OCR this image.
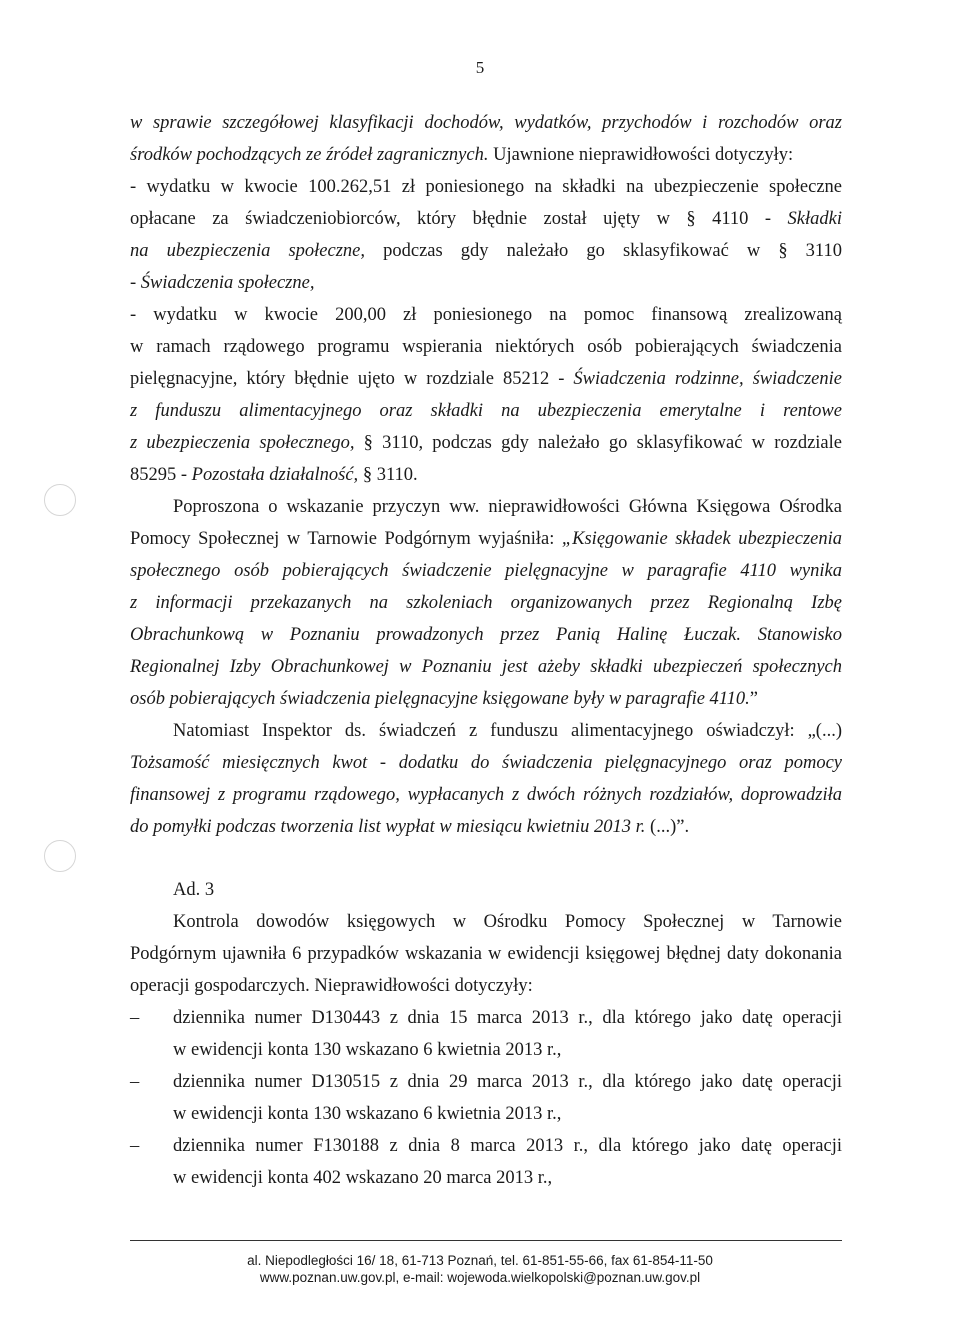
5
w sprawie szczegółowej klasyfikacji dochodów, wydatków, przychodów i rozchodów oraz
środków pochodzących ze źródeł zagranicznych. Ujawnione nieprawidłowości dotyczyły:
- wydatku w kwocie 100.262,51 zł poniesionego na składki na ubezpieczenie społeczne
opłacane za świadczeniobiorców, który błędnie został ujęty w § 4110 - Składki
na ubezpieczenia społeczne, podczas gdy należało go sklasyfikować w § 3110
- Świadczenia społeczne,
- wydatku w kwocie 200,00 zł poniesionego na pomoc finansową zrealizowaną
w ramach rządowego programu wspierania niektórych osób pobierających świadczenia
pielęgnacyjne, który błędnie ujęto w rozdziale 85212 - Świadczenia rodzinne, świadczenie
z funduszu alimentacyjnego oraz składki na ubezpieczenia emerytalne i rentowe
z ubezpieczenia społecznego, § 3110, podczas gdy należało go sklasyfikować w rozdziale
85295 - Pozostała działalność, § 3110.
Poproszona o wskazanie przyczyn ww. nieprawidłowości Główna Księgowa Ośrodka
Pomocy Społecznej w Tarnowie Podgórnym wyjaśniła: „Księgowanie składek ubezpieczenia
społecznego osób pobierających świadczenie pielęgnacyjne w paragrafie 4110 wynika
z informacji przekazanych na szkoleniach organizowanych przez Regionalną Izbę
Obrachunkową w Poznaniu prowadzonych przez Panią Halinę Łuczak. Stanowisko
Regionalnej Izby Obrachunkowej w Poznaniu jest ażeby składki ubezpieczeń społecznych
osób pobierających świadczenia pielęgnacyjne księgowane były w paragrafie 4110.”
Natomiast Inspektor ds. świadczeń z funduszu alimentacyjnego oświadczył: „(...)
Tożsamość miesięcznych kwot - dodatku do świadczenia pielęgnacyjnego oraz pomocy
finansowej z programu rządowego, wypłacanych z dwóch różnych rozdziałów, doprowadziła
do pomyłki podczas tworzenia list wypłat w miesiącu kwietniu 2013 r. (...)”.
Ad. 3
Kontrola dowodów księgowych w Ośrodku Pomocy Społecznej w Tarnowie
Podgórnym ujawniła 6 przypadków wskazania w ewidencji księgowej błędnej daty dokonania
operacji gospodarczych. Nieprawidłowości dotyczyły:
–	dziennika numer D130443 z dnia 15 marca 2013 r., dla którego jako datę operacji
w ewidencji konta 130 wskazano 6 kwietnia 2013 r.,
–	dziennika numer D130515 z dnia 29 marca 2013 r., dla którego jako datę operacji
w ewidencji konta 130 wskazano 6 kwietnia 2013 r.,
–	dziennika numer F130188 z dnia 8 marca 2013 r., dla którego jako datę operacji
w ewidencji konta 402 wskazano 20 marca 2013 r.,
al. Niepodległości 16/ 18, 61-713 Poznań, tel. 61-851-55-66, fax 61-854-11-50
www.poznan.uw.gov.pl, e-mail: wojewoda.wielkopolski@poznan.uw.gov.pl
